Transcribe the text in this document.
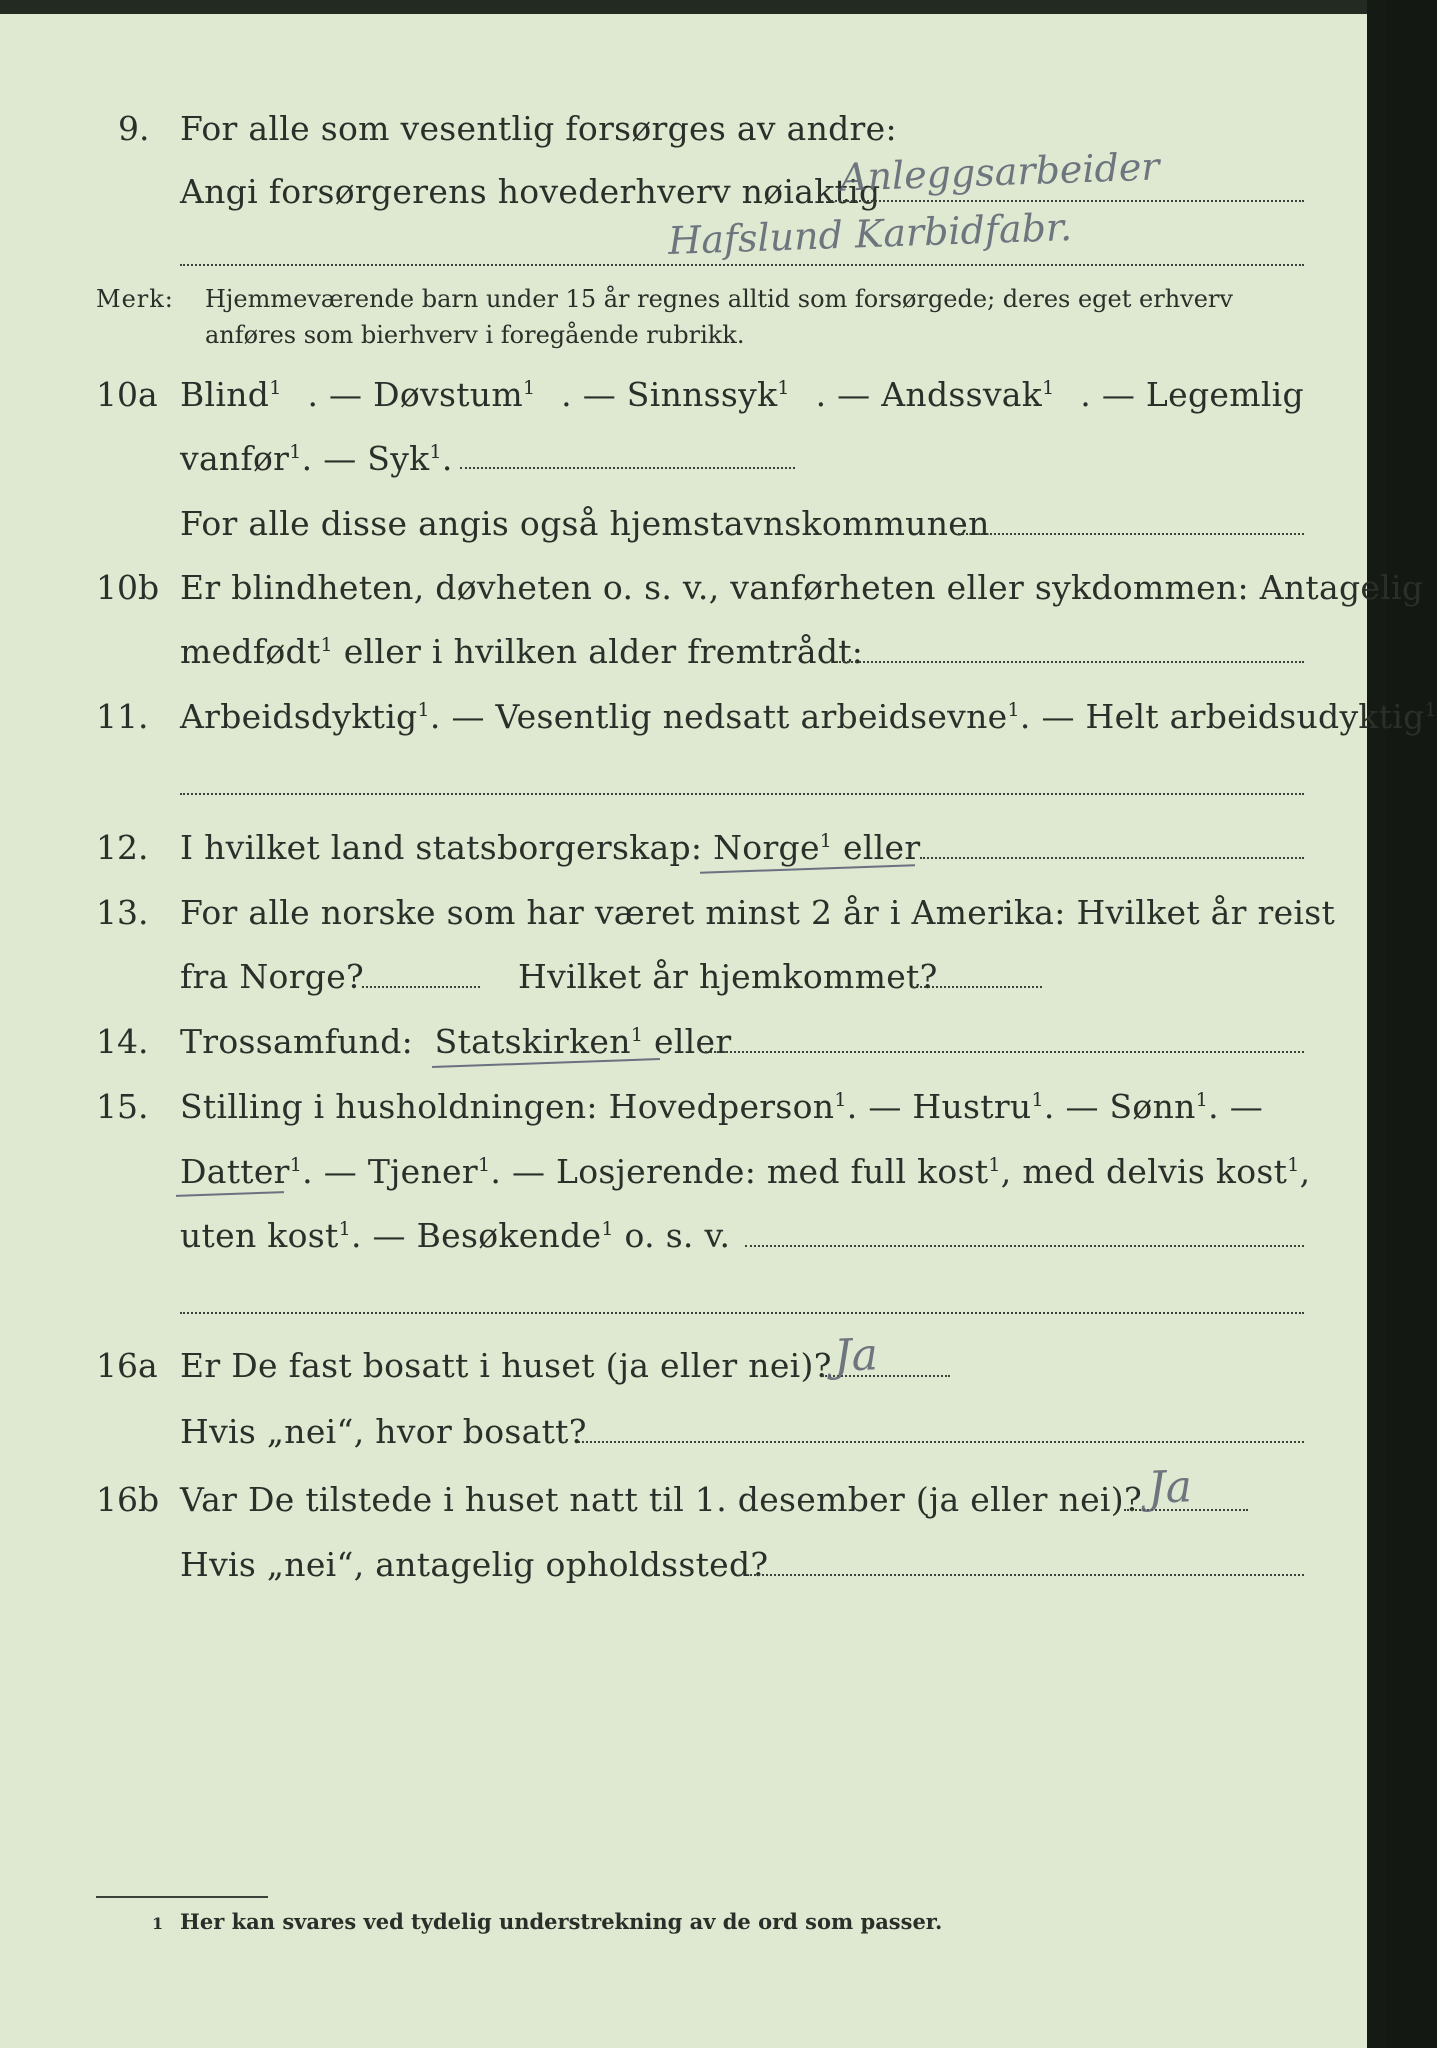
9. For alle som vesentlig forsørges av andre:
Angi forsørgerens hovederhverv nøiaktig
Anleggsarbeider
Hafslund Karbidfabr.
Merk: Hjemmeværende barn under 15 år regnes alltid som forsørgede; deres eget erhverv
anføres som bierhverv i foregående rubrikk.
10a Blind$^1$ . — Døvstum$^1$ . — Sinnssyk$^1$ . — Andssvak$^1$ . — Legemlig
vanfør$^1$. — Syk$^1$.
For alle disse angis også hjemstavnskommunen
10b Er blindheten, døvheten o. s. v., vanførheten eller sykdommen: Antagelig
medfødt$^1$ eller i hvilken alder fremtrådt:
11. Arbeidsdyktig$^1$. — Vesentlig nedsatt arbeidsevne$^1$. — Helt arbeidsudyktig$^1$
12. I hvilket land statsborgerskap: Norge$^1$ eller
13. For alle norske som har været minst 2 år i Amerika: Hvilket år reist
fra Norge?	Hvilket år hjemkommet?
14. Trossamfund: Statskirken$^1$ eller
15. Stilling i husholdningen: Hovedperson$^1$. — Hustru$^1$. — Sønn$^1$. —
Datter$^1$. — Tjener$^1$. — Losjerende: med full kost$^1$, med delvis kost$^1$,
uten kost$^1$. — Besøkende$^1$ o. s. v.
16a Er De fast bosatt i huset (ja eller nei)? Ja
Hvis „nei“, hvor bosatt?
16b Var De tilstede i huset natt til 1. desember (ja eller nei)? Ja
Hvis „nei“, antagelig opholdssted?
1 Her kan svares ved tydelig understrekning av de ord som passer.
